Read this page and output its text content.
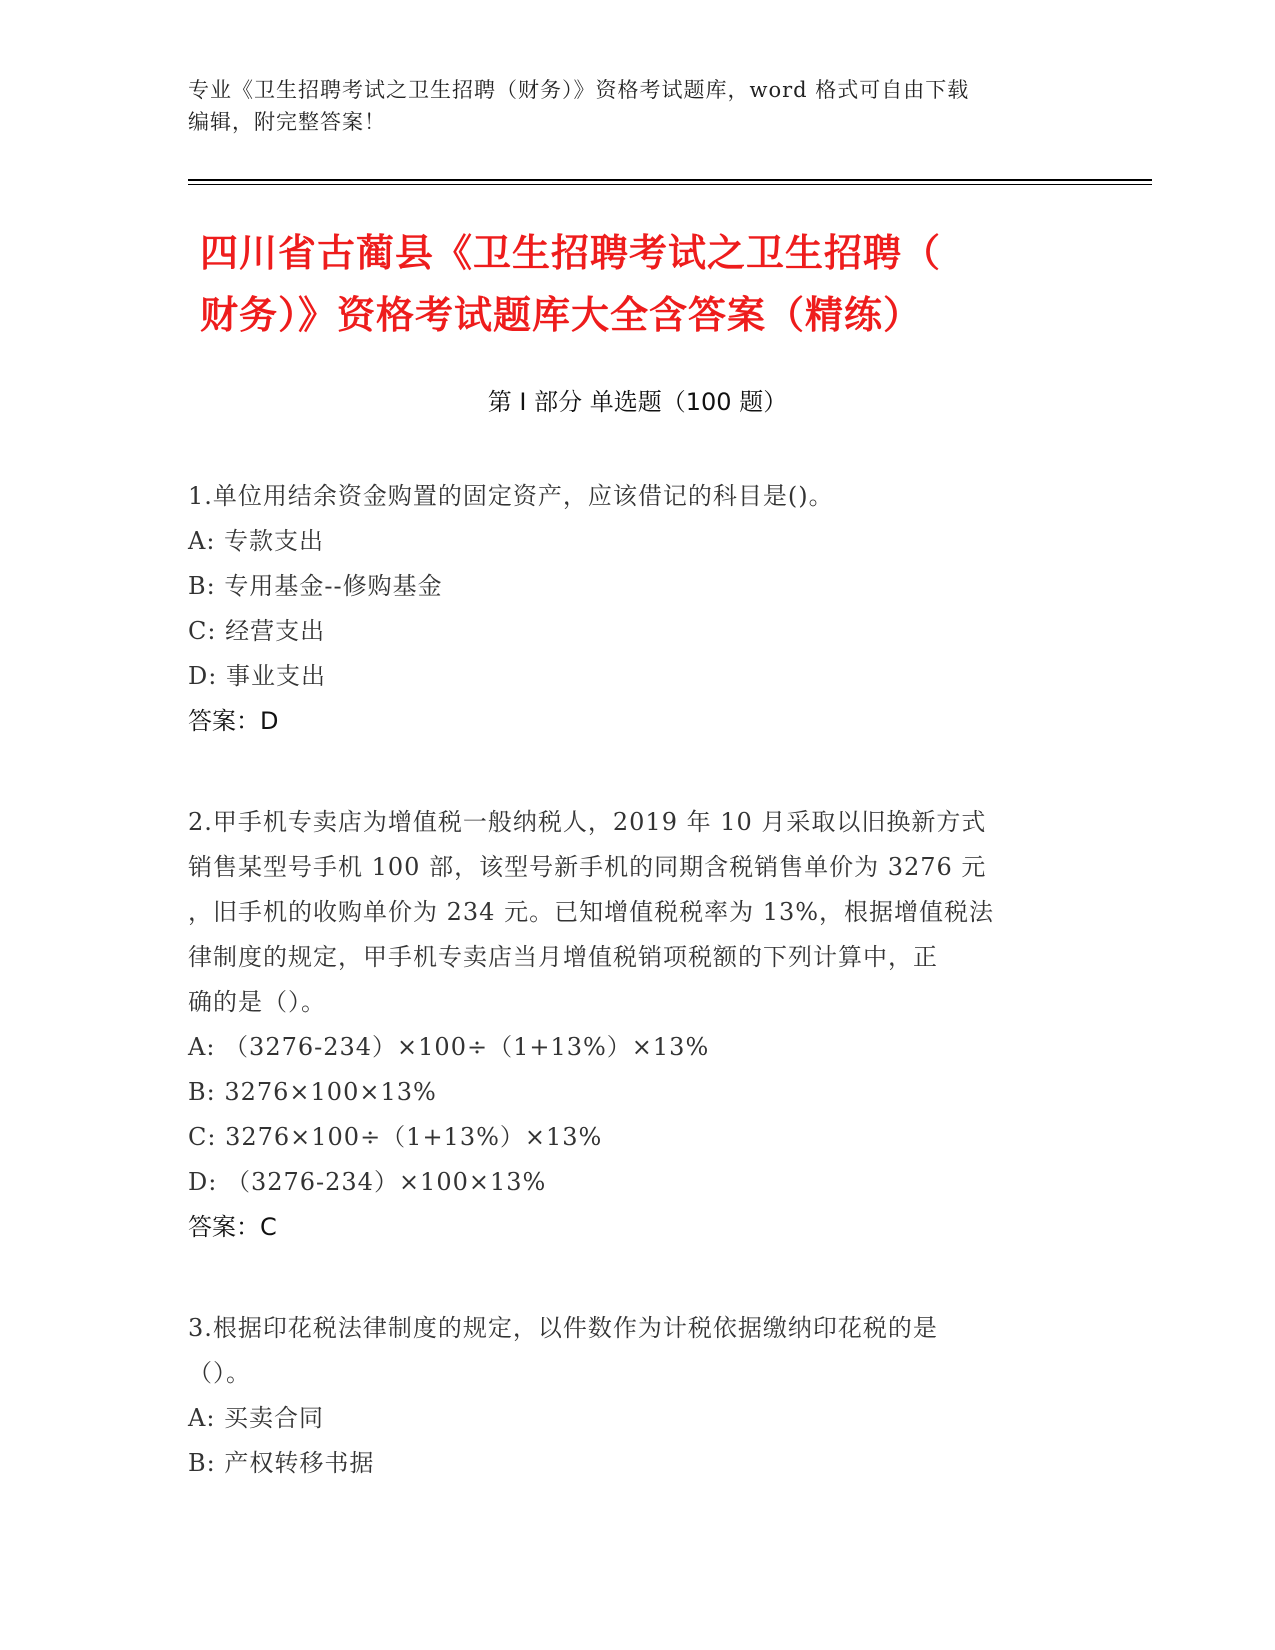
专业《卫生招聘考试之卫生招聘（财务）》资格考试题库，word 格式可自由下载
编辑，附完整答案！
四川省古蔺县《卫生招聘考试之卫生招聘（
财务）》资格考试题库大全含答案（精练）
第 I 部分 单选题（100 题）
1.单位用结余资金购置的固定资产，应该借记的科目是()。
A: 专款支出
B: 专用基金--修购基金
C: 经营支出
D: 事业支出
答案：D
2.甲手机专卖店为增值税一般纳税人，2019 年 10 月采取以旧换新方式
销售某型号手机 100 部，该型号新手机的同期含税销售单价为 3276 元
，旧手机的收购单价为 234 元。已知增值税税率为 13%，根据增值税法
律制度的规定，甲手机专卖店当月增值税销项税额的下列计算中，正
确的是（）。
A: （3276-234）×100÷（1+13%）×13%
B: 3276×100×13%
C: 3276×100÷（1+13%）×13%
D: （3276-234）×100×13%
答案：C
3.根据印花税法律制度的规定，以件数作为计税依据缴纳印花税的是
（）。
A: 买卖合同
B: 产权转移书据
